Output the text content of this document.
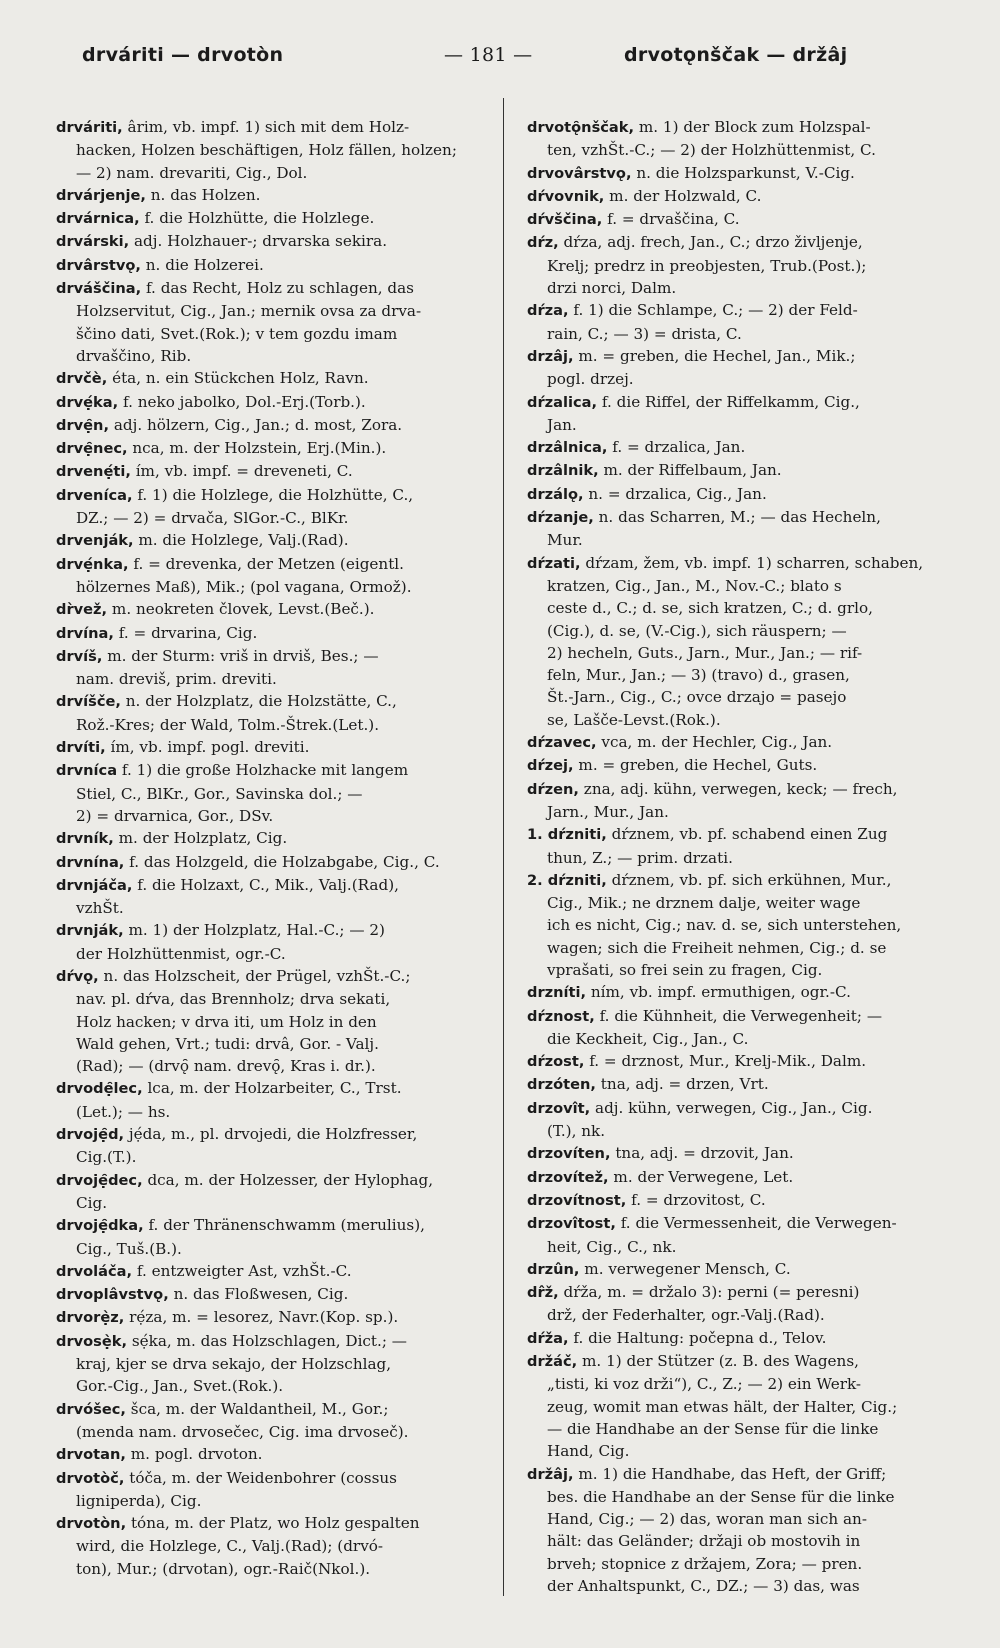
drváriti — drvotòn	— 181 —	drvotǫnščak — držâj
drváriti, ârim, vb. impf. 1) sich mit dem Holz-
hacken, Holzen beschäftigen, Holz fällen, holzen;
— 2) nam. drevariti, Cig., Dol.
drvárjenje, n. das Holzen.
drvárnica, f. die Holzhütte, die Holzlege.
drvárski, adj. Holzhauer-; drvarska sekira.
drvârstvǫ, n. die Holzerei.
drváščina, f. das Recht, Holz zu schlagen, das
Holzservitut, Cig., Jan.; mernik ovsa za drva-
ščino dati, Svet.(Rok.); v tem gozdu imam
drvaščino, Rib.
drvčè, éta, n. ein Stückchen Holz, Ravn.
drvẹ́ka, f. neko jabolko, Dol.-Erj.(Torb.).
drvẹ̑n, adj. hölzern, Cig., Jan.; d. most, Zora.
drvẹ̑nec, nca, m. der Holzstein, Erj.(Min.).
drvenẹ́ti, ím, vb. impf. = dreveneti, C.
drveníca, f. 1) die Holzlege, die Holzhütte, C.,
DZ.; — 2) = drvača, SlGor.-C., BlKr.
drvenják, m. die Holzlege, Valj.(Rad).
drvẹ́nka, f. = drevenka, der Metzen (eigentl.
hölzernes Maß), Mik.; (pol vagana, Ormož).
dr̀vež, m. neokreten človek, Levst.(Beč.).
drvína, f. = drvarina, Cig.
drvíš, m. der Sturm: vriš in drviš, Bes.; —
nam. dreviš, prim. dreviti.
drvíšče, n. der Holzplatz, die Holzstätte, C.,
Rož.-Kres; der Wald, Tolm.-Štrek.(Let.).
drvíti, ím, vb. impf. pogl. dreviti.
drvníca f. 1) die große Holzhacke mit langem
Stiel, C., BlKr., Gor., Savinska dol.; —
2) = drvarnica, Gor., DSv.
drvník, m. der Holzplatz, Cig.
drvnína, f. das Holzgeld, die Holzabgabe, Cig., C.
drvnjáča, f. die Holzaxt, C., Mik., Valj.(Rad),
vzhŠt.
drvnják, m. 1) der Holzplatz, Hal.-C.; — 2)
der Holzhüttenmist, ogr.-C.
dŕvǫ, n. das Holzscheit, der Prügel, vzhŠt.-C.;
nav. pl. dŕva, das Brennholz; drva sekati,
Holz hacken; v drva iti, um Holz in den
Wald gehen, Vrt.; tudi: drvâ, Gor. - Valj.
(Rad); — (drvǫ̑ nam. drevǫ̑, Kras i. dr.).
drvodẹ̑lec, lca, m. der Holzarbeiter, C., Trst.
(Let.); — hs.
drvojẹ̑d, jẹ́da, m., pl. drvojedi, die Holzfresser,
Cig.(T.).
drvojẹ̑dec, dca, m. der Holzesser, der Hylophag,
Cig.
drvojẹ̑dka, f. der Thränenschwamm (merulius),
Cig., Tuš.(B.).
drvoláča, f. entzweigter Ast, vzhŠt.-C.
drvoplâvstvǫ, n. das Floßwesen, Cig.
drvorẹ̀z, rẹ́za, m. = lesorez, Navr.(Kop. sp.).
drvosẹ̀k, sẹ́ka, m. das Holzschlagen, Dict.; —
kraj, kjer se drva sekajo, der Holzschlag,
Gor.-Cig., Jan., Svet.(Rok.).
drvóšec, šca, m. der Waldantheil, M., Gor.;
(menda nam. drvosečec, Cig. ima drvoseč).
drvotan, m. pogl. drvoton.
drvotòč, tóča, m. der Weidenbohrer (cossus
ligniperda), Cig.
drvotòn, tóna, m. der Platz, wo Holz gespalten
wird, die Holzlege, C., Valj.(Rad); (drvó-
ton), Mur.; (drvotan), ogr.-Raič(Nkol.).
drvotǫ̑nščak, m. 1) der Block zum Holzspal-
ten, vzhŠt.-C.; — 2) der Holzhüttenmist, C.
drvovârstvǫ, n. die Holzsparkunst, V.-Cig.
dŕvovnik, m. der Holzwald, C.
dŕvščina, f. = drvaščina, C.
dŕz, dŕza, adj. frech, Jan., C.; drzo življenje,
Krelj; predrz in preobjesten, Trub.(Post.);
drzi norci, Dalm.
dŕza, f. 1) die Schlampe, C.; — 2) der Feld-
rain, C.; — 3) = drista, C.
drzâj, m. = greben, die Hechel, Jan., Mik.;
pogl. drzej.
dŕzalica, f. die Riffel, der Riffelkamm, Cig.,
Jan.
drzâlnica, f. = drzalica, Jan.
drzâlnik, m. der Riffelbaum, Jan.
drzálǫ, n. = drzalica, Cig., Jan.
dŕzanje, n. das Scharren, M.; — das Hecheln,
Mur.
dŕzati, dŕzam, žem, vb. impf. 1) scharren, schaben,
kratzen, Cig., Jan., M., Nov.-C.; blato s
ceste d., C.; d. se, sich kratzen, C.; d. grlo,
(Cig.), d. se, (V.-Cig.), sich räuspern; —
2) hecheln, Guts., Jarn., Mur., Jan.; — rif-
feln, Mur., Jan.; — 3) (travo) d., grasen,
Št.-Jarn., Cig., C.; ovce drzajo = pasejo
se, Lašče-Levst.(Rok.).
dŕzavec, vca, m. der Hechler, Cig., Jan.
dŕzej, m. = greben, die Hechel, Guts.
dŕzen, zna, adj. kühn, verwegen, keck; — frech,
Jarn., Mur., Jan.
1. dŕzniti, dŕznem, vb. pf. schabend einen Zug
thun, Z.; — prim. drzati.
2. dŕzniti, dŕznem, vb. pf. sich erkühnen, Mur.,
Cig., Mik.; ne drznem dalje, weiter wage
ich es nicht, Cig.; nav. d. se, sich unterstehen,
wagen; sich die Freiheit nehmen, Cig.; d. se
vprašati, so frei sein zu fragen, Cig.
drzníti, ním, vb. impf. ermuthigen, ogr.-C.
dŕznost, f. die Kühnheit, die Verwegenheit; —
die Keckheit, Cig., Jan., C.
dŕzost, f. = drznost, Mur., Krelj-Mik., Dalm.
drzóten, tna, adj. = drzen, Vrt.
drzovît, adj. kühn, verwegen, Cig., Jan., Cig.
(T.), nk.
drzovíten, tna, adj. = drzovit, Jan.
drzovítež, m. der Verwegene, Let.
drzovítnost, f. = drzovitost, C.
drzovîtost, f. die Vermessenheit, die Verwegen-
heit, Cig., C., nk.
drzûn, m. verwegener Mensch, C.
dr̂ž, dŕža, m. = držalo 3): perni (= peresni)
drž, der Federhalter, ogr.-Valj.(Rad).
dŕža, f. die Haltung: počepna d., Telov.
držáč, m. 1) der Stützer (z. B. des Wagens,
„tisti, ki voz drži“), C., Z.; — 2) ein Werk-
zeug, womit man etwas hält, der Halter, Cig.;
— die Handhabe an der Sense für die linke
Hand, Cig.
držâj, m. 1) die Handhabe, das Heft, der Griff;
bes. die Handhabe an der Sense für die linke
Hand, Cig.; — 2) das, woran man sich an-
hält: das Geländer; držaji ob mostovih in
brveh; stopnice z držajem, Zora; — pren.
der Anhaltspunkt, C., DZ.; — 3) das, was
